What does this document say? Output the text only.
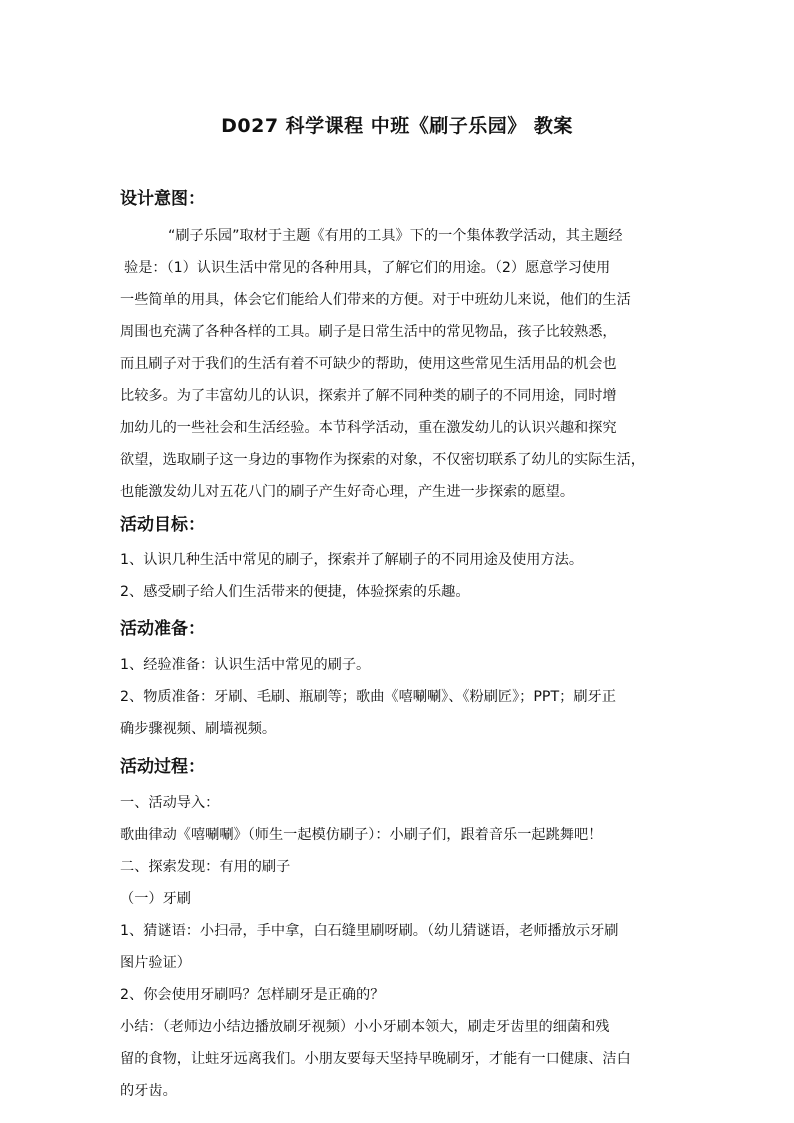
D027 科学课程 中班《刷子乐园》 教案
设计意图：
“刷子乐园”取材于主题《有用的工具》下的一个集体教学活动，其主题经
验是：（1）认识生活中常见的各种用具，了解它们的用途。（2）愿意学习使用
一些简单的用具，体会它们能给人们带来的方便。对于中班幼儿来说，他们的生活
周围也充满了各种各样的工具。刷子是日常生活中的常见物品，孩子比较熟悉，
而且刷子对于我们的生活有着不可缺少的帮助，使用这些常见生活用品的机会也
比较多。为了丰富幼儿的认识，探索并了解不同种类的刷子的不同用途，同时增
加幼儿的一些社会和生活经验。本节科学活动，重在激发幼儿的认识兴趣和探究
欲望，选取刷子这一身边的事物作为探索的对象，不仅密切联系了幼儿的实际生活，
也能激发幼儿对五花八门的刷子产生好奇心理，产生进一步探索的愿望。
活动目标：
1、认识几种生活中常见的刷子，探索并了解刷子的不同用途及使用方法。
2、感受刷子给人们生活带来的便捷，体验探索的乐趣。
活动准备：
1、经验准备：认识生活中常见的刷子。
2、物质准备：牙刷、毛刷、瓶刷等；歌曲《嘻唰唰》、《粉刷匠》；PPT；刷牙正
确步骤视频、刷墙视频。
活动过程：
一、活动导入：
歌曲律动《嘻唰唰》（师生一起模仿刷子）：小刷子们，跟着音乐一起跳舞吧！
二、探索发现：有用的刷子
（一）牙刷
1、猜谜语：小扫帚，手中拿，白石缝里刷呀刷。（幼儿猜谜语，老师播放示牙刷
图片验证）
2、你会使用牙刷吗？怎样刷牙是正确的？
小结：（老师边小结边播放刷牙视频）小小牙刷本领大，刷走牙齿里的细菌和残
留的食物，让蛀牙远离我们。小朋友要每天坚持早晚刷牙，才能有一口健康、洁白
的牙齿。
